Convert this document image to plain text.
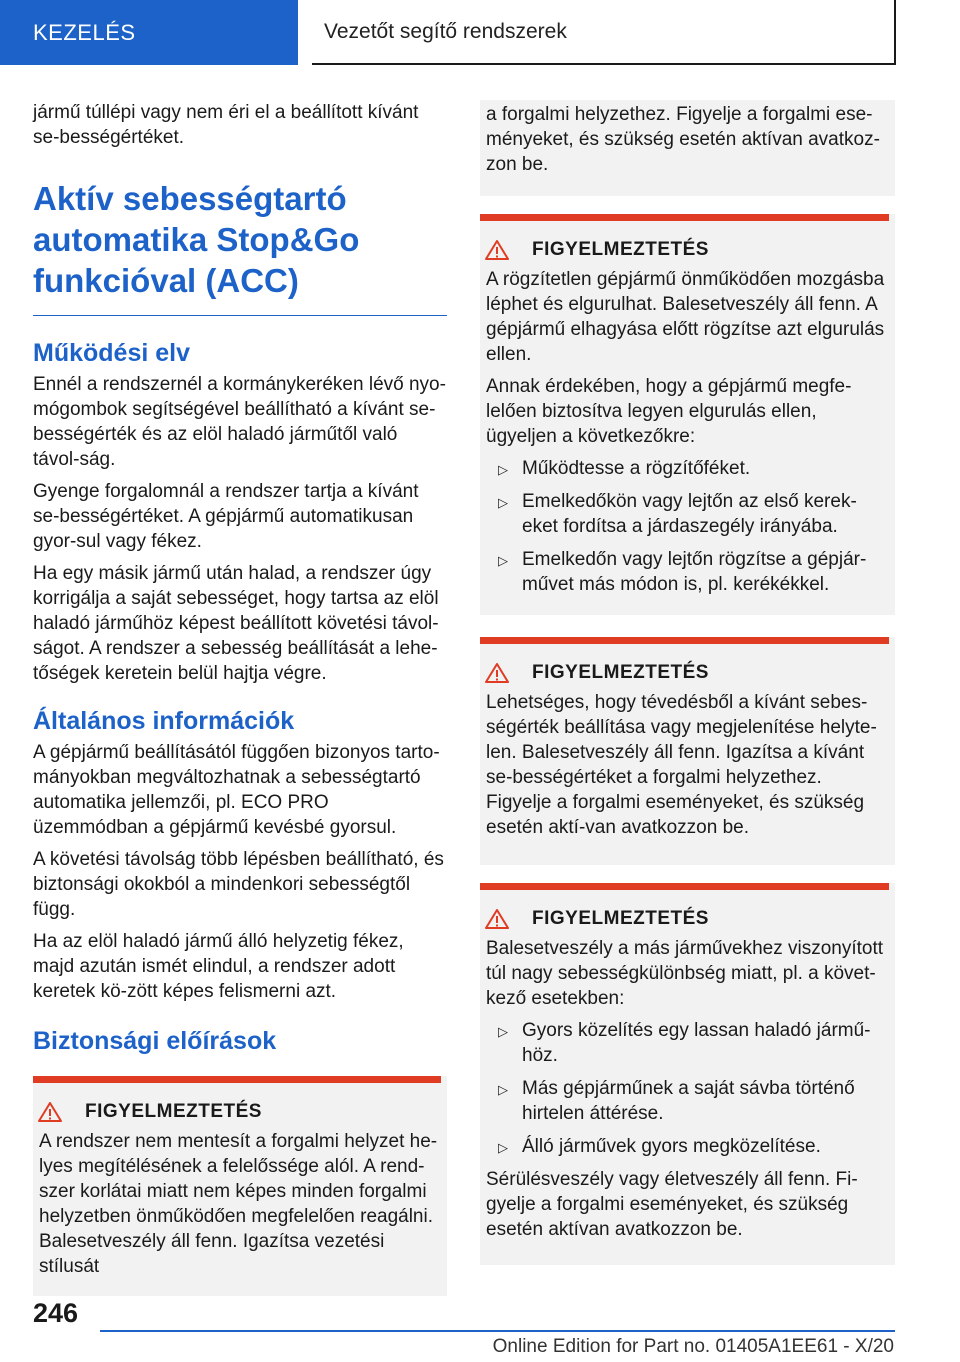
KEZELÉS	Vezetőt segítő rendszerek

jármű túllépi vagy nem éri el a beállított kívánt se-bességértéket.

Aktív sebességtartó automatika Stop&Go funkcióval (ACC)
Működési elv

Ennél a rendszernél a kormánykeréken lévő nyo-mógombok segítségével beállítható a kívánt se-bességérték és az elöl haladó járműtől való távol-ság.

Gyenge forgalomnál a rendszer tartja a kívánt se-bességértéket. A gépjármű automatikusan gyor-sul vagy fékez.

Ha egy másik jármű után halad, a rendszer úgy korrigálja a saját sebességet, hogy tartsa az elöl haladó járműhöz képest beállított követési távol-ságot. A rendszer a sebesség beállítását a lehe-tőségek keretein belül hajtja végre.

Általános információk

A gépjármű beállításától függően bizonyos tarto-mányokban megváltozhatnak a sebességtartó automatika jellemzői, pl. ECO PRO üzemmódban a gépjármű kevésbé gyorsul.

A követési távolság több lépésben beállítható, és biztonsági okokból a mindenkori sebességtől függ.

Ha az elöl haladó jármű álló helyzetig fékez, majd azután ismét elindul, a rendszer adott keretek kö-zött képes felismerni azt.

Biztonsági előírások
FIGYELMEZTETÉS

A rendszer nem mentesít a forgalmi helyzet he-lyes megítélésének a felelőssége alól. A rend-szer korlátai miatt nem képes minden forgalmi helyzetben önműködően megfelelően reagálni. Balesetveszély áll fenn. Igazítsa vezetési stílusát

a forgalmi helyzethez. Figyelje a forgalmi ese-ményeket, és szükség esetén aktívan avatkoz-zon be.

FIGYELMEZTETÉS

A rögzítetlen gépjármű önműködően mozgásba léphet és elgurulhat. Balesetveszély áll fenn. A gépjármű elhagyása előtt rögzítse azt elgurulás ellen.

Annak érdekében, hogy a gépjármű megfe-lelően biztosítva legyen elgurulás ellen, ügyeljen a következőkre:

▷ Működtesse a rögzítőféket.
▷ Emelkedőkön vagy lejtőn az első kerek-eket fordítsa a járdaszegély irányába.
▷ Emelkedőn vagy lejtőn rögzítse a gépjár-művet más módon is, pl. kerékékkel.
FIGYELMEZTETÉS

Lehetséges, hogy tévedésből a kívánt sebes-ségérték beállítása vagy megjelenítése helyte-len. Balesetveszély áll fenn. Igazítsa a kívánt se-bességértéket a forgalmi helyzethez. Figyelje a forgalmi eseményeket, és szükség esetén aktí-van avatkozzon be.

FIGYELMEZTETÉS

Balesetveszély a más járművekhez viszonyított túl nagy sebességkülönbség miatt, pl. a követ-kező esetekben:

▷ Gyors közelítés egy lassan haladó jármű-höz.
▷ Más gépjárműnek a saját sávba történő hirtelen áttérése.
▷ Álló járművek gyors megközelítése.

Sérülésveszély vagy életveszély áll fenn. Fi-gyelje a forgalmi eseményeket, és szükség esetén aktívan avatkozzon be.

246
Online Edition for Part no. 01405A1EE61 - X/20
